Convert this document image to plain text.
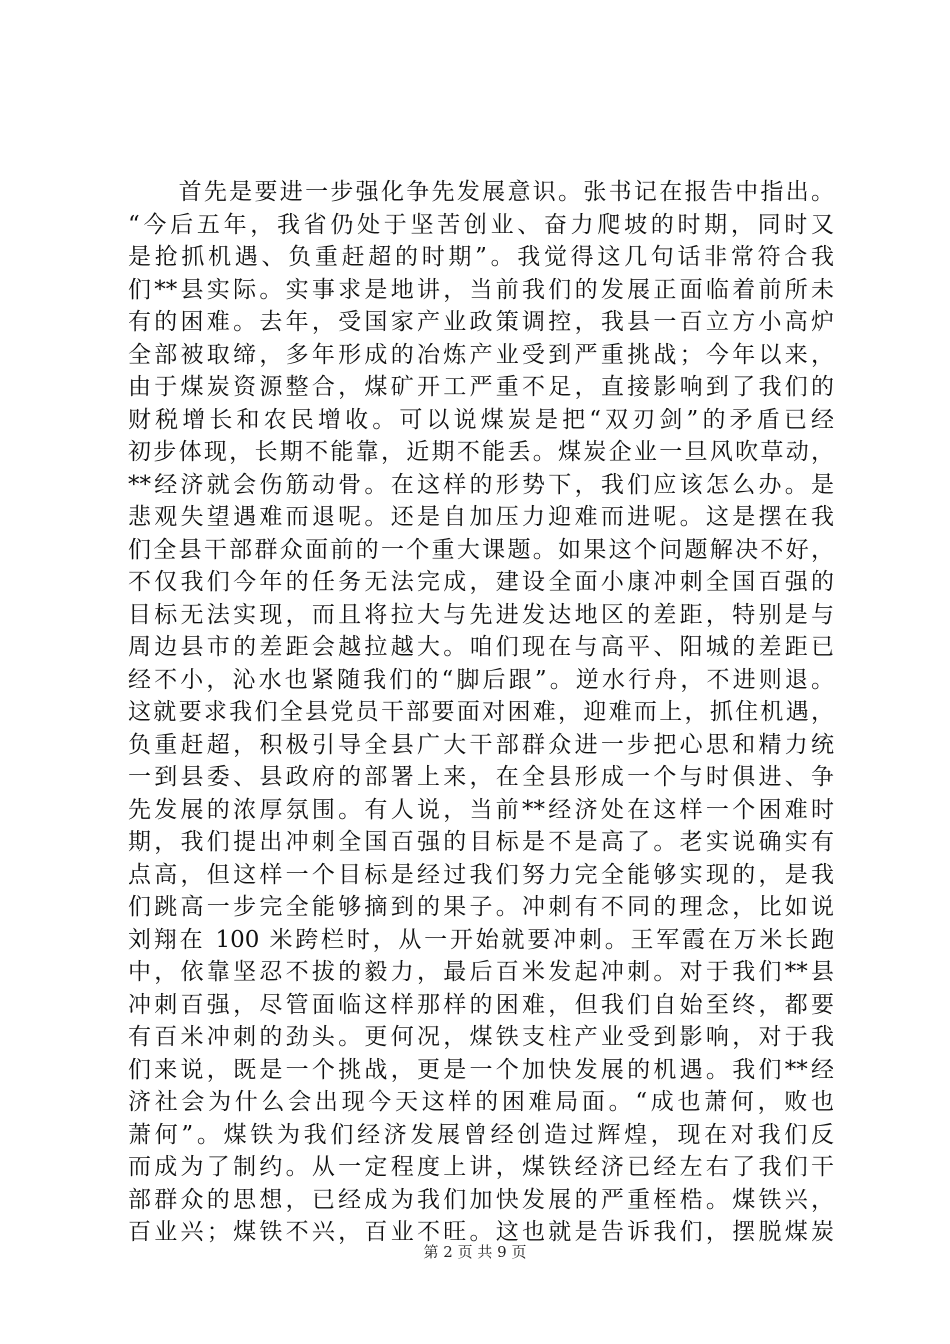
　　首先是要进一步强化争先发展意识。张书记在报告中指出。
“今后五年，我省仍处于坚苦创业、奋力爬坡的时期，同时又
是抢抓机遇、负重赶超的时期”。我觉得这几句话非常符合我
们**县实际。实事求是地讲，当前我们的发展正面临着前所未
有的困难。去年，受国家产业政策调控，我县一百立方小高炉
全部被取缔，多年形成的冶炼产业受到严重挑战；今年以来，
由于煤炭资源整合，煤矿开工严重不足，直接影响到了我们的
财税增长和农民增收。可以说煤炭是把“双刃剑”的矛盾已经
初步体现，长期不能靠，近期不能丢。煤炭企业一旦风吹草动，
**经济就会伤筋动骨。在这样的形势下，我们应该怎么办。是
悲观失望遇难而退呢。还是自加压力迎难而进呢。这是摆在我
们全县干部群众面前的一个重大课题。如果这个问题解决不好，
不仅我们今年的任务无法完成，建设全面小康冲刺全国百强的
目标无法实现，而且将拉大与先进发达地区的差距，特别是与
周边县市的差距会越拉越大。咱们现在与高平、阳城的差距已
经不小，沁水也紧随我们的“脚后跟”。逆水行舟，不进则退。
这就要求我们全县党员干部要面对困难，迎难而上，抓住机遇，
负重赶超，积极引导全县广大干部群众进一步把心思和精力统
一到县委、县政府的部署上来，在全县形成一个与时俱进、争
先发展的浓厚氛围。有人说，当前**经济处在这样一个困难时
期，我们提出冲刺全国百强的目标是不是高了。老实说确实有
点高，但这样一个目标是经过我们努力完全能够实现的，是我
们跳高一步完全能够摘到的果子。冲刺有不同的理念，比如说
刘翔在 100 米跨栏时，从一开始就要冲刺。王军霞在万米长跑
中，依靠坚忍不拔的毅力，最后百米发起冲刺。对于我们**县
冲刺百强，尽管面临这样那样的困难，但我们自始至终，都要
有百米冲刺的劲头。更何况，煤铁支柱产业受到影响，对于我
们来说，既是一个挑战，更是一个加快发展的机遇。我们**经
济社会为什么会出现今天这样的困难局面。“成也萧何，败也
萧何”。煤铁为我们经济发展曾经创造过辉煌，现在对我们反
而成为了制约。从一定程度上讲，煤铁经济已经左右了我们干
部群众的思想，已经成为我们加快发展的严重桎梏。煤铁兴，
百业兴；煤铁不兴，百业不旺。这也就是告诉我们，摆脱煤炭
第 2 页 共 9 页
